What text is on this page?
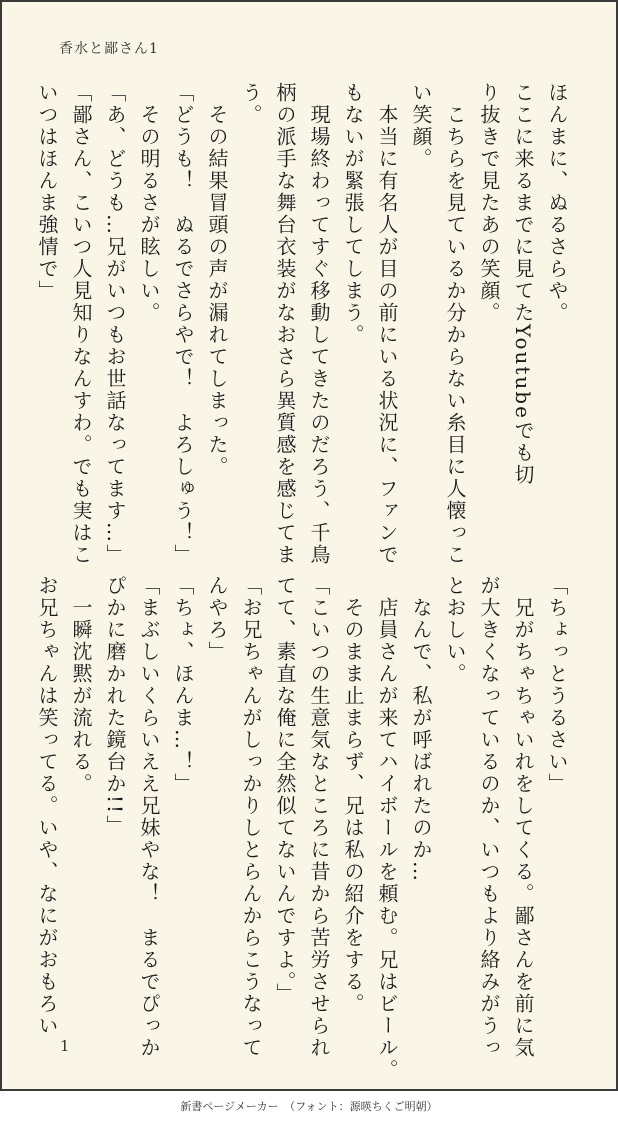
香水と鄙さん1
ほんまに、ぬるさらや。
ここに来るまでに見てたYoutubeでも切
り抜きで見たあの笑顔。
　こちらを見ているか分からない糸目に人懐っこ
い笑顔。
　本当に有名人が目の前にいる状況に、ファンで
もないが緊張してしまう。
　現場終わってすぐ移動してきたのだろう、千鳥
柄の派手な舞台衣装がなおさら異質感を感じてま
う。
　その結果冒頭の声が漏れてしまった。
「どうも！　ぬるでさらやで！　よろしゅう！」
　その明るさが眩しい。
「あ、どうも…兄がいつもお世話なってます…」
「鄙さん、こいつ人見知りなんすわ。でも実はこ
いつはほんま強情で」
「ちょっとうるさい」
　兄がちゃちゃいれをしてくる。鄙さんを前に気
が大きくなっているのか、いつもより絡みがうっ
とおしい。
　なんで、私が呼ばれたのか…
　店員さんが来てハイボールを頼む。兄はビール。
　そのまま止まらず、兄は私の紹介をする。
「こいつの生意気なところに昔から苦労させられ
てて、素直な俺に全然似てないんですよ。」
「お兄ちゃんがしっかりしとらんからこうなって
んやろ」
「ちょ、ほんま…！」
「まぶしいくらいええ兄妹やな！　まるでぴっか
ぴかに磨かれた鏡台か!!」
　一瞬沈黙が流れる。
お兄ちゃんは笑ってる。いや、なにがおもろい
1
新書ページメーカー　（フォント：源暎ちくご明朝）
